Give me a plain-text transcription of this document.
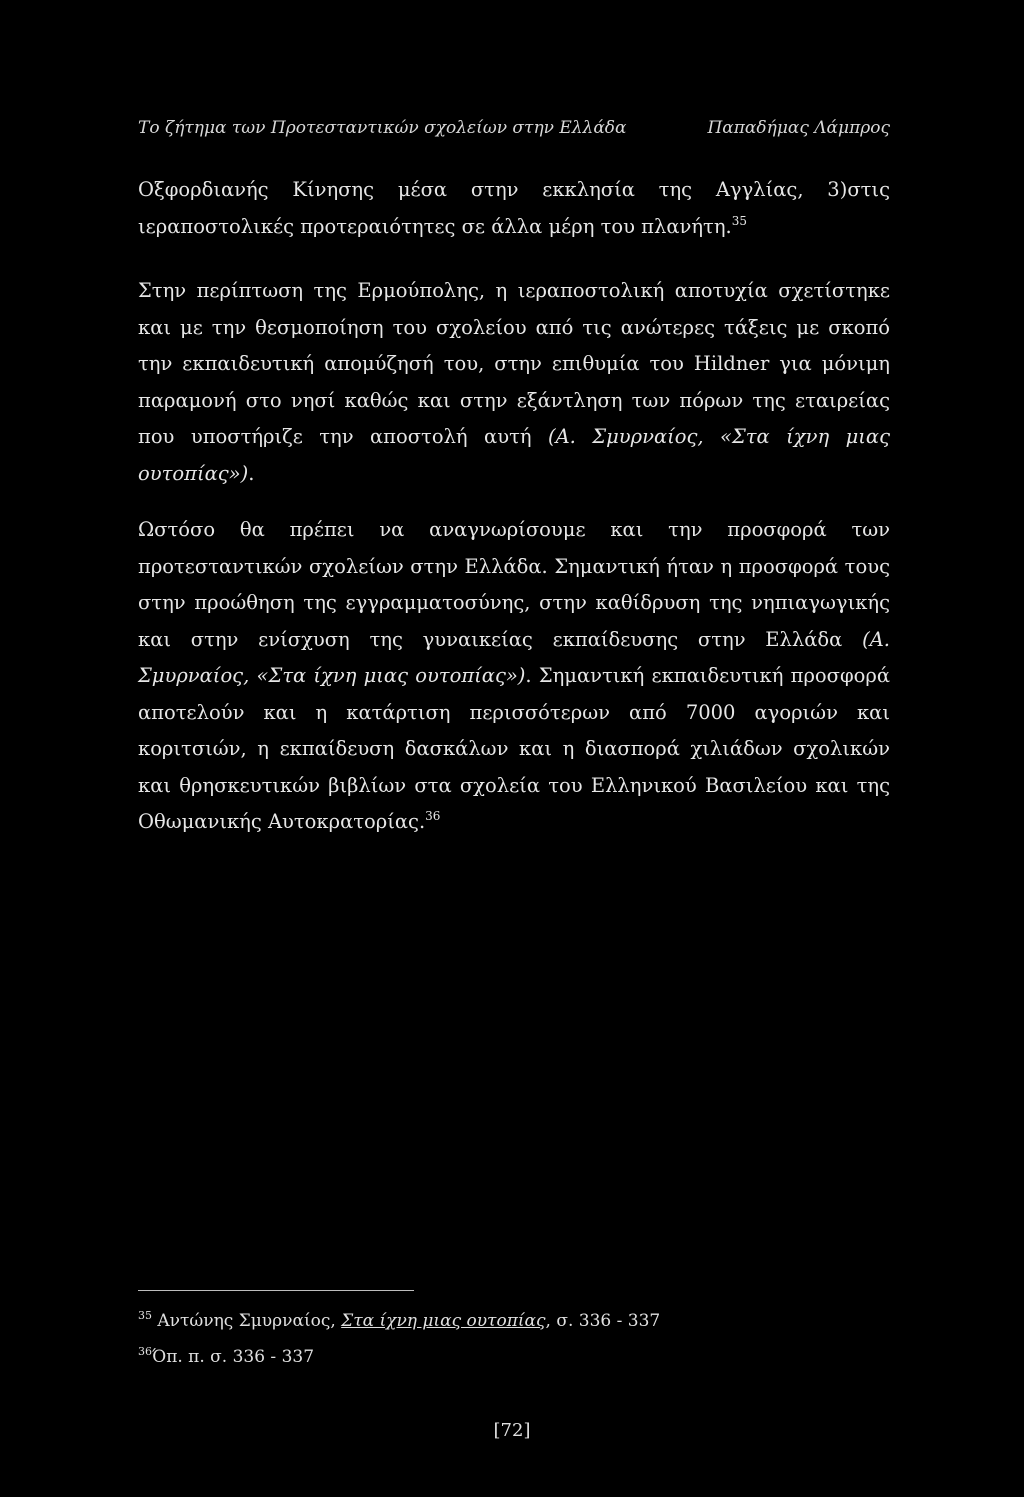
Το ζήτημα των Προτεσταντικών σχολείων στην Ελλάδα	Παπαδήμας Λάμπρος

Οξφορδιανής Κίνησης μέσα στην εκκλησία της Αγγλίας, 3)στις ιεραποστολικές προτεραιότητες σε άλλα μέρη του πλανήτη.$^{35}$

Στην περίπτωση της Ερμούπολης, η ιεραποστολική αποτυχία σχετίστηκε και με την θεσμοποίηση του σχολείου από τις ανώτερες τάξεις με σκοπό την εκπαιδευτική απομύζησή του, στην επιθυμία του Hildner για μόνιμη παραμονή στο νησί καθώς και στην εξάντληση των πόρων της εταιρείας που υποστήριζε την αποστολή αυτή (Α. Σμυρναίος, «Στα ίχνη μιας ουτοπίας»).

Ωστόσο θα πρέπει να αναγνωρίσουμε και την προσφορά των προτεσταντικών σχολείων στην Ελλάδα. Σημαντική ήταν η προσφορά τους στην προώθηση της εγγραμματοσύνης, στην καθίδρυση της νηπιαγωγικής και στην ενίσχυση της γυναικείας εκπαίδευσης στην Ελλάδα (Α. Σμυρναίος, «Στα ίχνη μιας ουτοπίας»). Σημαντική εκπαιδευτική προσφορά αποτελούν και η κατάρτιση περισσότερων από 7000 αγοριών και κοριτσιών, η εκπαίδευση δασκάλων και η διασπορά χιλιάδων σχολικών και θρησκευτικών βιβλίων στα σχολεία του Ελληνικού Βασιλείου και της Οθωμανικής Αυτοκρατορίας.$^{36}$

$^{35}$ Αντώνης Σμυρναίος, Στα ίχνη μιας ουτοπίας, σ. 336 - 337
$^{36}$Όπ. π. σ. 336 - 337
[72]
